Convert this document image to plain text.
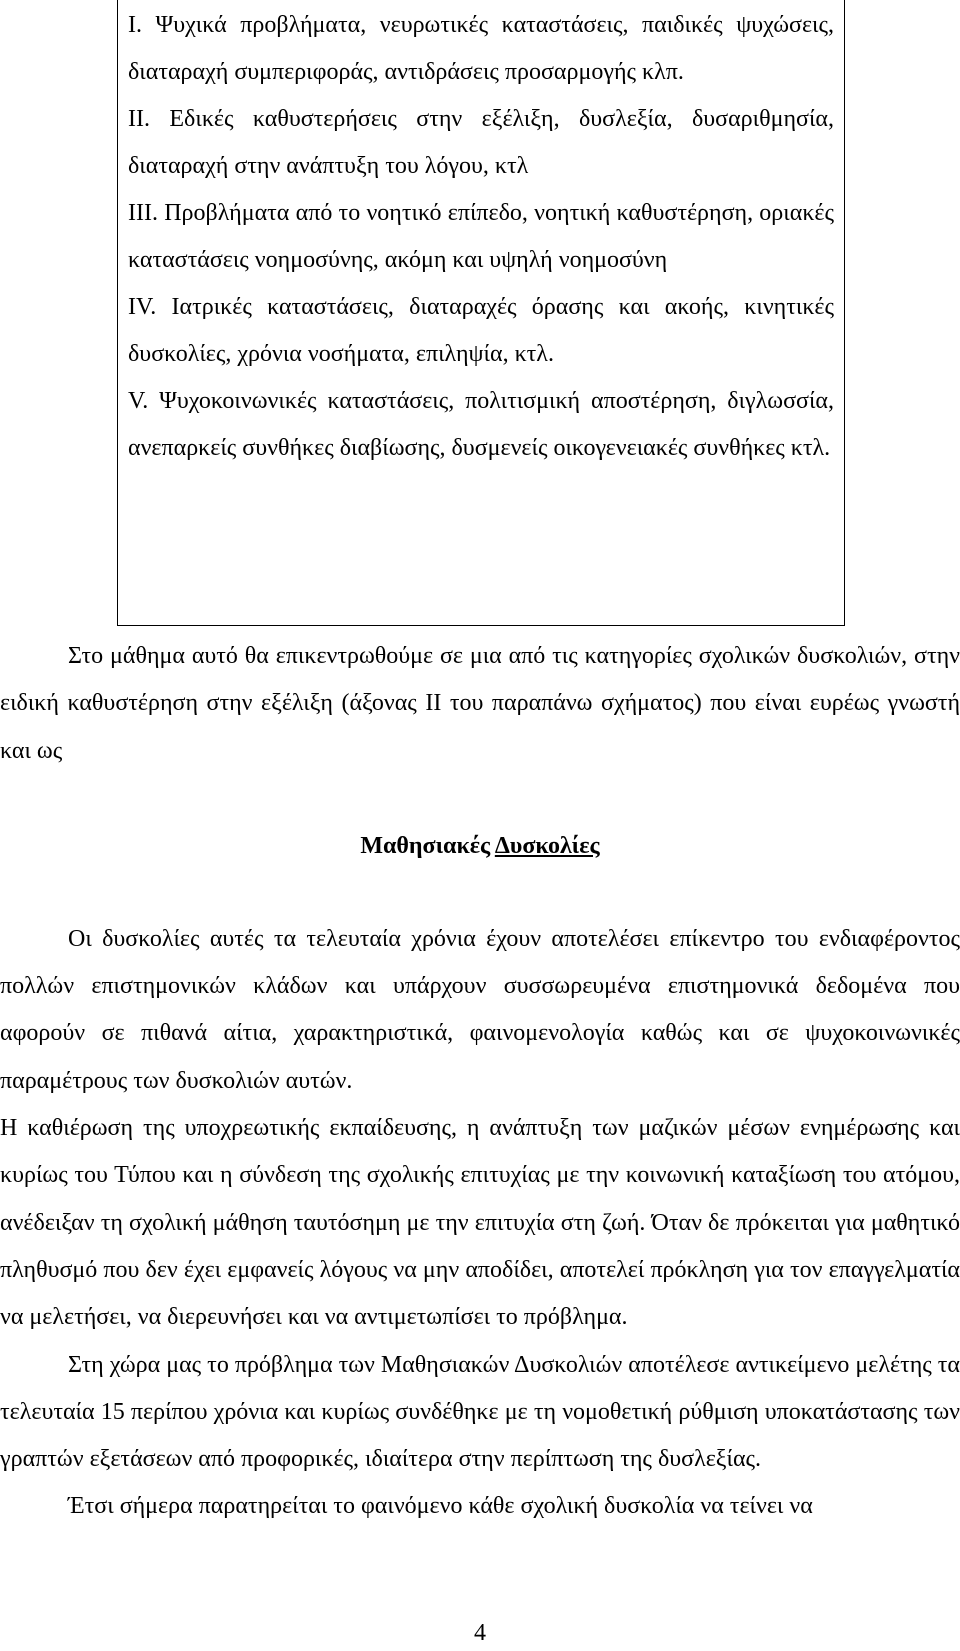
I. Ψυχικά προβλήματα, νευρωτικές καταστάσεις, παιδικές ψυχώσεις, διαταραχή συμπεριφοράς, αντιδράσεις προσαρμογής κλπ.

II. Εδικές καθυστερήσεις στην εξέλιξη, δυσλεξία, δυσαριθμησία, διαταραχή στην ανάπτυξη του λόγου, κτλ

III. Προβλήματα από το νοητικό επίπεδο, νοητική καθυστέρηση, οριακές καταστάσεις νοημοσύνης, ακόμη και υψηλή νοημοσύνη

IV. Ιατρικές καταστάσεις, διαταραχές όρασης και ακοής, κινητικές δυσκολίες, χρόνια νοσήματα, επιληψία, κτλ.

V. Ψυχοκοινωνικές καταστάσεις, πολιτισμική αποστέρηση, διγλωσσία, ανεπαρκείς συνθήκες διαβίωσης, δυσμενείς οικογενειακές συνθήκες κτλ.

Στο μάθημα αυτό θα επικεντρωθούμε σε μια από τις κατηγορίες σχολικών δυσκολιών, στην ειδική καθυστέρηση στην εξέλιξη (άξονας II του παραπάνω σχήματος) που είναι ευρέως γνωστή και ως

Μαθησιακές Δυσκολίες

Οι δυσκολίες αυτές τα τελευταία χρόνια έχουν αποτελέσει επίκεντρο του ενδιαφέροντος πολλών επιστημονικών κλάδων και υπάρχουν συσσωρευμένα επιστημονικά δεδομένα που αφορούν σε πιθανά αίτια, χαρακτηριστικά, φαινομενολογία καθώς και σε ψυχοκοινωνικές παραμέτρους των δυσκολιών αυτών.

Η καθιέρωση της υποχρεωτικής εκπαίδευσης, η ανάπτυξη των μαζικών μέσων ενημέρωσης και κυρίως του Τύπου και η σύνδεση της σχολικής επιτυχίας με την κοινωνική καταξίωση του ατόμου, ανέδειξαν τη σχολική μάθηση ταυτόσημη με την επιτυχία στη ζωή. Όταν δε πρόκειται για μαθητικό πληθυσμό που δεν έχει εμφανείς λόγους να μην αποδίδει, αποτελεί πρόκληση για τον επαγγελματία να μελετήσει, να διερευνήσει και να αντιμετωπίσει το πρόβλημα.

Στη χώρα μας το πρόβλημα των Μαθησιακών Δυσκολιών αποτέλεσε αντικείμενο μελέτης τα τελευταία 15 περίπου χρόνια και κυρίως συνδέθηκε με τη νομοθετική ρύθμιση υποκατάστασης των γραπτών εξετάσεων από προφορικές, ιδιαίτερα στην περίπτωση της δυσλεξίας.

Έτσι σήμερα παρατηρείται το φαινόμενο κάθε σχολική δυσκολία να τείνει να

4
